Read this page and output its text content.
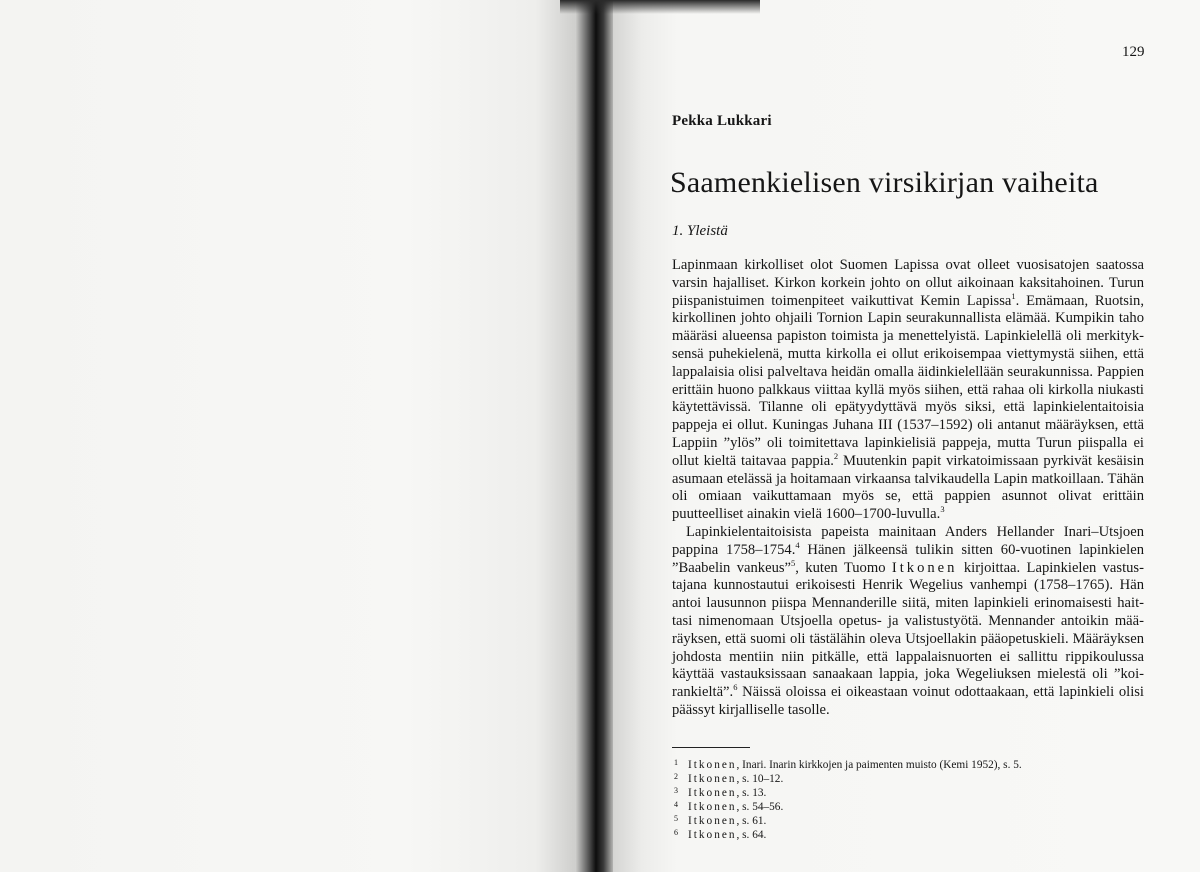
129
Pekka Lukkari
Saamenkielisen virsikirjan vaiheita
1. Yleistä

Lapinmaan kirkolliset olot Suomen Lapissa ovat olleet vuosisatojen saatossa varsin hajalliset. Kirkon korkein johto on ollut aikoinaan kaksitahoinen. Turun piispanistuimen toimenpiteet vaikuttivat Kemin Lapissa$^1$. Emämaan, Ruotsin, kirkollinen johto ohjaili Tornion Lapin seurakunnallista elämää. Kumpikin taho määräsi alueensa papiston toimista ja menettelyistä. Lapinkielellä oli merkityksensä puhekielenä, mutta kirkolla ei ollut erikoisempaa viettymystä siihen, että lappalaisia olisi palveltava heidän omalla äidinkielellään seurakunnissa. Pappien erittäin huono palkkaus viittaa kyllä myös siihen, että rahaa oli kirkolla niukasti käytettävissä. Tilanne oli epätyydyttävä myös siksi, että lapinkielentaitoisia pappeja ei ollut. Kuningas Juhana III (1537–1592) oli antanut määräyksen, että Lappiin ”ylös” oli toimitettava lapinkielisiä pappeja, mutta Turun piispalla ei ollut kieltä taitavaa pappia.$^2$ Muutenkin papit virkatoimissaan pyrkivät kesäisin asumaan etelässä ja hoitamaan virkaansa talvikaudella Lapin matkoillaan. Tähän oli omiaan vaikuttamaan myös se, että pappien asunnot olivat erittäin puutteelliset ainakin vielä 1600–1700-luvulla.$^3$

Lapinkielentaitoisista papeista mainitaan Anders Hellander Inari–Utsjoen pappina 1758–1754.$^4$ Hänen jälkeensä tulikin sitten 60-vuotinen lapinkielen ”Baabelin vankeus”$^5$, kuten Tuomo Itkonen kirjoittaa. Lapinkielen vastustajana kunnostautui erikoisesti Henrik Wegelius vanhempi (1758–1765). Hän antoi lausunnon piispa Mennanderille siitä, miten lapinkieli erinomaisesti haittasi nimenomaan Utsjoella opetus- ja valistustyötä. Mennander antoikin määräyksen, että suomi oli tästälähin oleva Utsjoellakin pääopetuskieli. Määräyksen johdosta mentiin niin pitkälle, että lappalaisnuorten ei sallittu rippikoulussa käyttää vastauksissaan sanaakaan lappia, joka Wegeliuksen mielestä oli ”koirankieltä”.$^6$ Näissä oloissa ei oikeastaan voinut odottaakaan, että lapinkieli olisi päässyt kirjalliselle tasolle.

1 Itkonen, Inari. Inarin kirkkojen ja paimenten muisto (Kemi 1952), s. 5.
2 Itkonen, s. 10–12.
3 Itkonen, s. 13.
4 Itkonen, s. 54–56.
5 Itkonen, s. 61.
6 Itkonen, s. 64.
